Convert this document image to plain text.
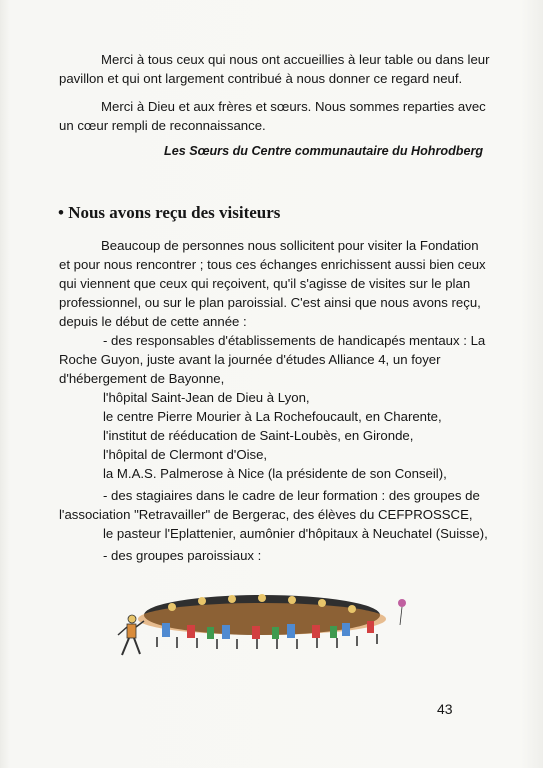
Merci à tous ceux qui nous ont accueillies à leur table ou dans leur
pavillon et qui ont largement contribué à nous donner ce regard neuf.
Merci à Dieu et aux frères et sœurs. Nous sommes reparties avec
un cœur rempli de reconnaissance.
Les Sœurs du Centre communautaire du Hohrodberg
• Nous avons reçu des visiteurs
Beaucoup de personnes nous sollicitent pour visiter la Fondation
et pour nous rencontrer ; tous ces échanges enrichissent aussi bien ceux
qui viennent que ceux qui reçoivent, qu'il s'agisse de visites sur le plan
professionnel, ou sur le plan paroissial. C'est ainsi que nous avons reçu,
depuis le début de cette année :
- des responsables d'établissements de handicapés mentaux : La
Roche Guyon, juste avant la journée d'études Alliance 4, un foyer
d'hébergement de Bayonne,
l'hôpital Saint-Jean de Dieu à Lyon,
le centre Pierre Mourier à La Rochefoucault, en Charente,
l'institut de rééducation de Saint-Loubès, en Gironde,
l'hôpital de Clermont d'Oise,
la M.A.S. Palmerose à Nice (la présidente de son Conseil),
- des stagiaires dans le cadre de leur formation : des groupes de
l'association "Retravailler" de Bergerac, des élèves du CEFPROSSCE,
le pasteur l'Eplattenier, aumônier d'hôpitaux à Neuchatel (Suisse),
- des groupes paroissiaux :
43
